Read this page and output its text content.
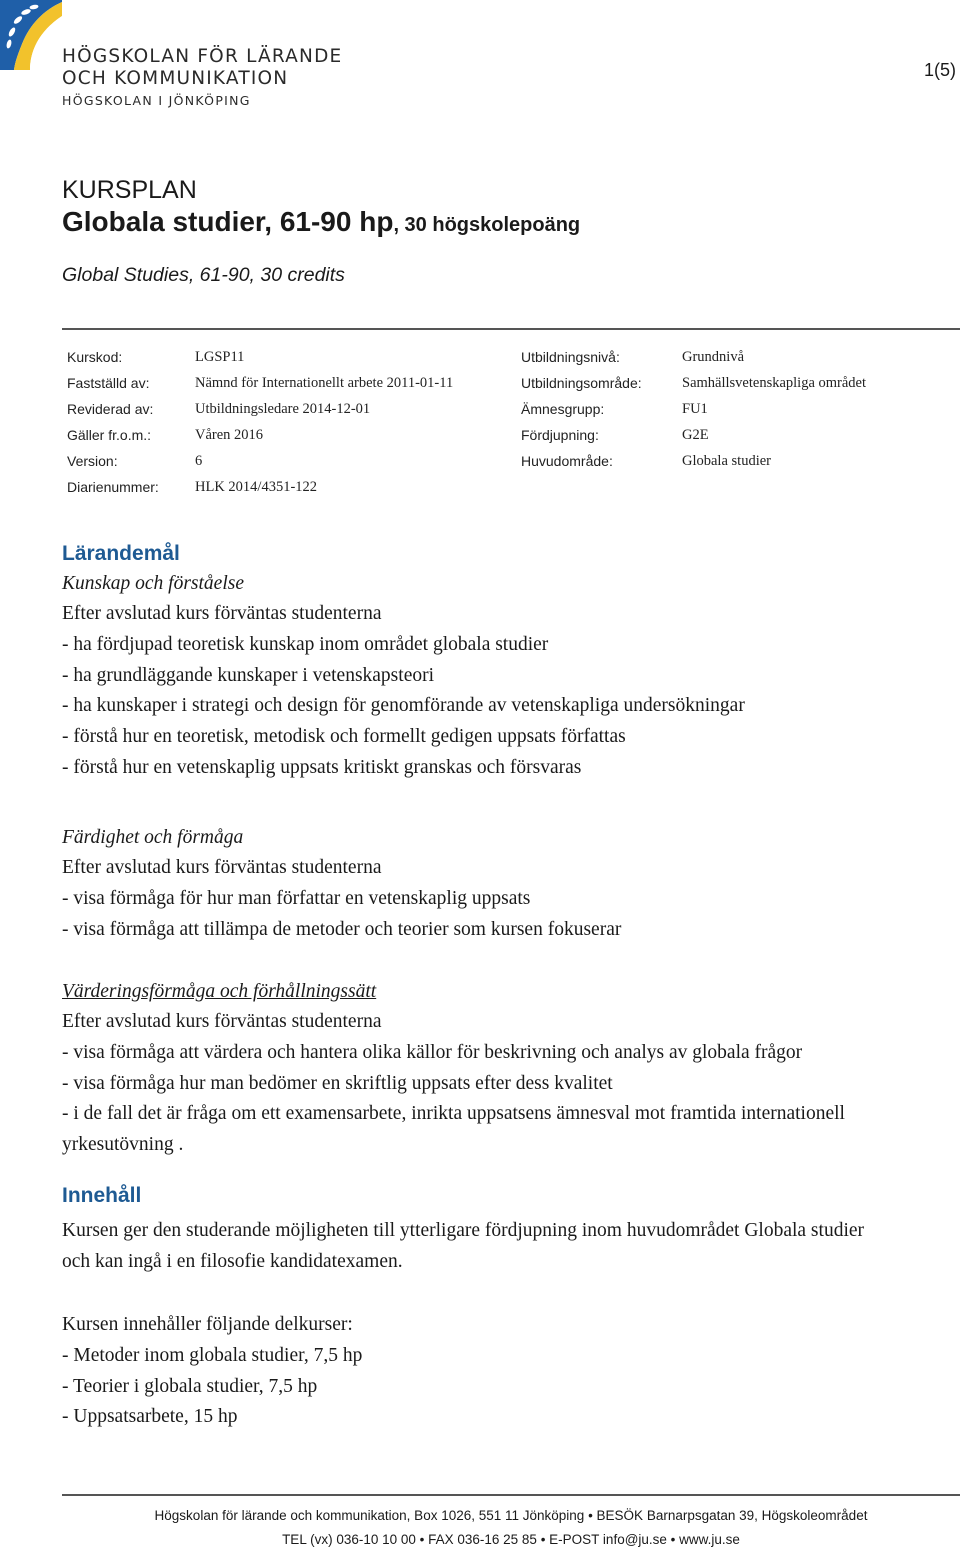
HÖGSKOLAN FÖR LÄRANDE
OCH KOMMUNIKATION
HÖGSKOLAN I JÖNKÖPING
1(5)
KURSPLAN
Globala studier, 61-90 hp, 30 högskolepoäng
Global Studies, 61-90, 30 credits
Kurskod:	LGSP11
Fastställd av:	Nämnd för Internationellt arbete 2011-01-11
Reviderad av:	Utbildningsledare 2014-12-01
Gäller fr.o.m.:	Våren 2016
Version:	6
Diarienummer:	HLK 2014/4351-122
Utbildningsnivå:	Grundnivå
Utbildningsområde:	Samhällsvetenskapliga området
Ämnesgrupp:	FU1
Fördjupning:	G2E
Huvudområde:	Globala studier
Lärandemål
Kunskap och förståelse
Efter avslutad kurs förväntas studenterna
- ha fördjupad teoretisk kunskap inom området globala studier
- ha grundläggande kunskaper i vetenskapsteori
- ha kunskaper i strategi och design för genomförande av vetenskapliga undersökningar
- förstå hur en teoretisk, metodisk och formellt gedigen uppsats författas
- förstå hur en vetenskaplig uppsats kritiskt granskas och försvaras
Färdighet och förmåga
Efter avslutad kurs förväntas studenterna
- visa förmåga för hur man författar en vetenskaplig uppsats
- visa förmåga att tillämpa de metoder och teorier som kursen fokuserar
Värderingsförmåga och förhållningssätt
Efter avslutad kurs förväntas studenterna
- visa förmåga att värdera och hantera olika källor för beskrivning och analys av globala frågor
- visa förmåga hur man bedömer en skriftlig uppsats efter dess kvalitet
- i de fall det är fråga om ett examensarbete, inrikta uppsatsens ämnesval mot framtida internationell
yrkesutövning .
Innehåll
Kursen ger den studerande möjligheten till ytterligare fördjupning inom huvudområdet Globala studier
och kan ingå i en filosofie kandidatexamen.
Kursen innehåller följande delkurser:
- Metoder inom globala studier, 7,5 hp
- Teorier i globala studier, 7,5 hp
- Uppsatsarbete, 15 hp
Högskolan för lärande och kommunikation, Box 1026, 551 11 Jönköping • BESÖK Barnarpsgatan 39, Högskoleområdet
TEL (vx) 036-10 10 00 • FAX 036-16 25 85 • E-POST info@ju.se • www.ju.se
